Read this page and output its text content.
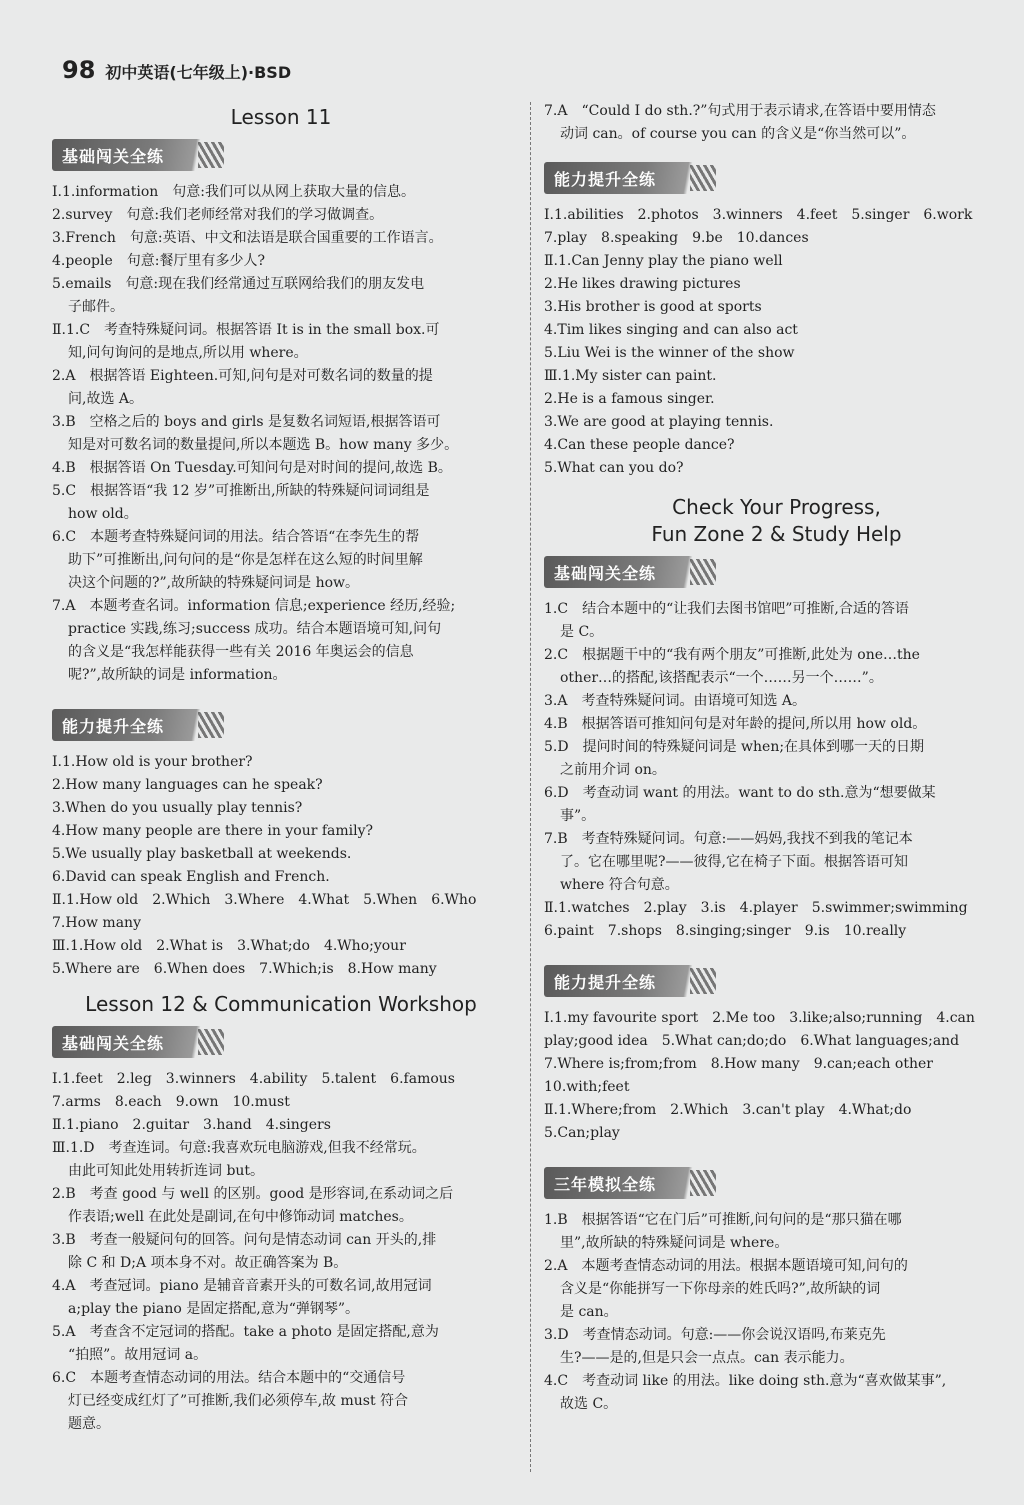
98 初中英语(七年级上)·BSD
Lesson 11
基础闯关全练
Ⅰ.1.information　句意:我们可以从网上获取大量的信息。
2.survey　句意:我们老师经常对我们的学习做调查。
3.French　句意:英语、中文和法语是联合国重要的工作语言。
4.people　句意:餐厅里有多少人?
5.emails　句意:现在我们经常通过互联网给我们的朋友发电
子邮件。
Ⅱ.1.C　考查特殊疑问词。根据答语 It is in the small box.可
知,问句询问的是地点,所以用 where。
2.A　根据答语 Eighteen.可知,问句是对可数名词的数量的提
问,故选 A。
3.B　空格之后的 boys and girls 是复数名词短语,根据答语可
知是对可数名词的数量提问,所以本题选 B。how many 多少。
4.B　根据答语 On Tuesday.可知问句是对时间的提问,故选 B。
5.C　根据答语“我 12 岁”可推断出,所缺的特殊疑问词词组是
how old。
6.C　本题考查特殊疑问词的用法。结合答语“在李先生的帮
助下”可推断出,问句问的是“你是怎样在这么短的时间里解
决这个问题的?”,故所缺的特殊疑问词是 how。
7.A　本题考查名词。information 信息;experience 经历,经验;
practice 实践,练习;success 成功。结合本题语境可知,问句
的含义是“我怎样能获得一些有关 2016 年奥运会的信息
呢?”,故所缺的词是 information。
能力提升全练
Ⅰ.1.How old is your brother?
2.How many languages can he speak?
3.When do you usually play tennis?
4.How many people are there in your family?
5.We usually play basketball at weekends.
6.David can speak English and French.
Ⅱ.1.How old　2.Which　3.Where　4.What　5.When　6.Who
7.How many
Ⅲ.1.How old　2.What is　3.What;do　4.Who;your
5.Where are　6.When does　7.Which;is　8.How many
Lesson 12 & Communication Workshop
基础闯关全练
Ⅰ.1.feet　2.leg　3.winners　4.ability　5.talent　6.famous
7.arms　8.each　9.own　10.must
Ⅱ.1.piano　2.guitar　3.hand　4.singers
Ⅲ.1.D　考查连词。句意:我喜欢玩电脑游戏,但我不经常玩。
由此可知此处用转折连词 but。
2.B　考查 good 与 well 的区别。good 是形容词,在系动词之后
作表语;well 在此处是副词,在句中修饰动词 matches。
3.B　考查一般疑问句的回答。问句是情态动词 can 开头的,排
除 C 和 D;A 项本身不对。故正确答案为 B。
4.A　考查冠词。piano 是辅音音素开头的可数名词,故用冠词
a;play the piano 是固定搭配,意为“弹钢琴”。
5.A　考查含不定冠词的搭配。take a photo 是固定搭配,意为
“拍照”。故用冠词 a。
6.C　本题考查情态动词的用法。结合本题中的“交通信号
灯已经变成红灯了”可推断,我们必须停车,故 must 符合
题意。
7.A　“Could I do sth.?”句式用于表示请求,在答语中要用情态
动词 can。of course you can 的含义是“你当然可以”。
能力提升全练
Ⅰ.1.abilities　2.photos　3.winners　4.feet　5.singer　6.work
7.play　8.speaking　9.be　10.dances
Ⅱ.1.Can Jenny play the piano well
2.He likes drawing pictures
3.His brother is good at sports
4.Tim likes singing and can also act
5.Liu Wei is the winner of the show
Ⅲ.1.My sister can paint.
2.He is a famous singer.
3.We are good at playing tennis.
4.Can these people dance?
5.What can you do?
Check Your Progress,
Fun Zone 2 & Study Help
基础闯关全练
1.C　结合本题中的“让我们去图书馆吧”可推断,合适的答语
是 C。
2.C　根据题干中的“我有两个朋友”可推断,此处为 one…the
other…的搭配,该搭配表示“一个……另一个……”。
3.A　考查特殊疑问词。由语境可知选 A。
4.B　根据答语可推知问句是对年龄的提问,所以用 how old。
5.D　提问时间的特殊疑问词是 when;在具体到哪一天的日期
之前用介词 on。
6.D　考查动词 want 的用法。want to do sth.意为“想要做某
事”。
7.B　考查特殊疑问词。句意:——妈妈,我找不到我的笔记本
了。它在哪里呢?——彼得,它在椅子下面。根据答语可知
where 符合句意。
Ⅱ.1.watches　2.play　3.is　4.player　5.swimmer;swimming
6.paint　7.shops　8.singing;singer　9.is　10.really
能力提升全练
Ⅰ.1.my favourite sport　2.Me too　3.like;also;running　4.can
play;good idea　5.What can;do;do　6.What languages;and
7.Where is;from;from　8.How many　9.can;each other
10.with;feet
Ⅱ.1.Where;from　2.Which　3.can't play　4.What;do
5.Can;play
三年模拟全练
1.B　根据答语“它在门后”可推断,问句问的是“那只猫在哪
里”,故所缺的特殊疑问词是 where。
2.A　本题考查情态动词的用法。根据本题语境可知,问句的
含义是“你能拼写一下你母亲的姓氏吗?”,故所缺的词
是 can。
3.D　考查情态动词。句意:——你会说汉语吗,布莱克先
生?——是的,但是只会一点点。can 表示能力。
4.C　考查动词 like 的用法。like doing sth.意为“喜欢做某事”,
故选 C。
